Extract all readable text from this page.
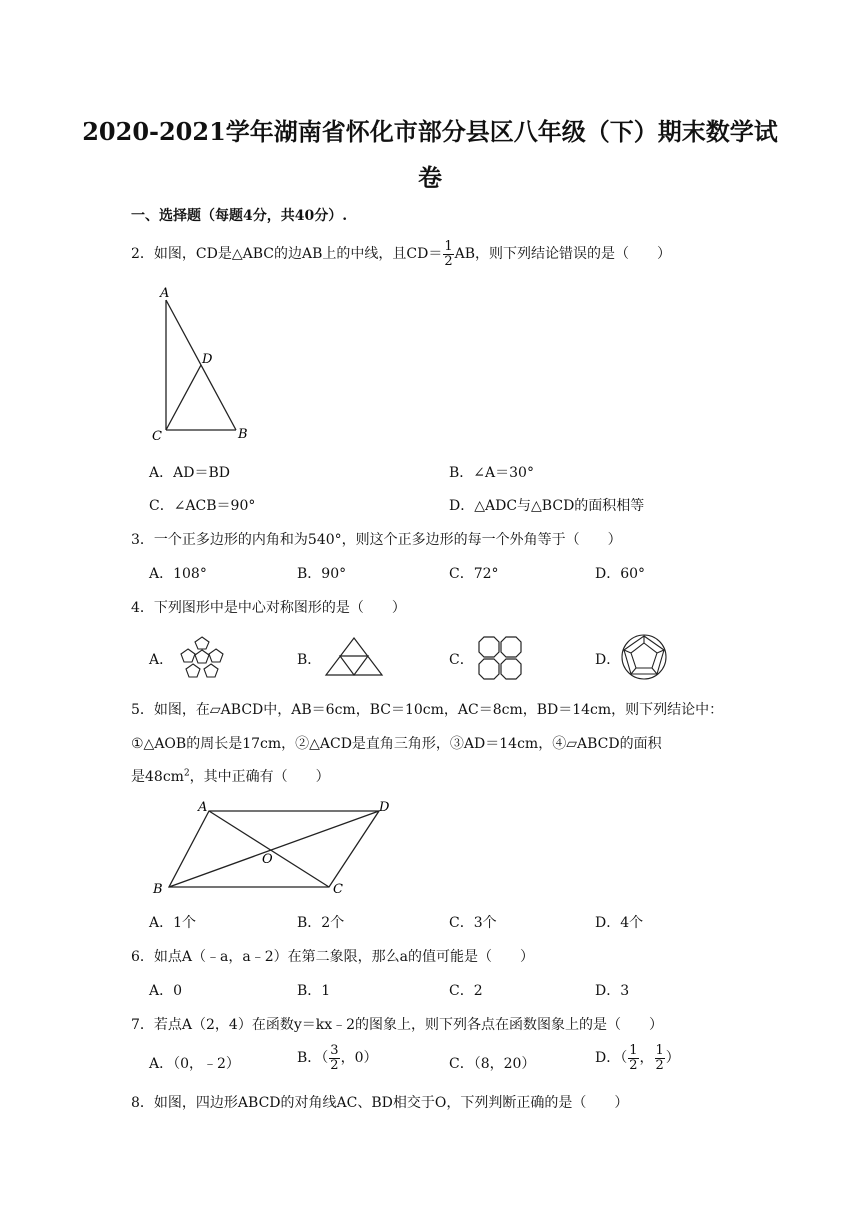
2020-2021学年湖南省怀化市部分县区八年级（下）期末数学试
卷
一、选择题（每题4分，共40分）.
2．如图，CD是△ABC的边AB上的中线，且$CD= \frac{1}{2}$ AB，则下列结论错误的是（　　）
A
D
C	B
A．AD＝BD	B．∠A＝30°
C．∠ACB＝90°	D．△ADC与△BCD的面积相等
3．一个正多边形的内角和为540°，则这个正多边形的每一个外角等于（　　）
A．108°	B．90°	C．72°	D．60°
4．下列图形中是中心对称图形的是（　　）
A．	B．	C．	D．
5．如图，在▱ABCD中，AB＝6cm，BC＝10cm，AC＝8cm，BD＝14cm，则下列结论中：
①△AOB的周长是17cm，②△ACD是直角三角形，③AD＝14cm，④▱ABCD的面积
是$48cm^2$，其中正确有（　　）
A	D
B	C
O
A．1个	B．2个	C．3个	D．4个
6．如点A（﹣a，a﹣2）在第二象限，那么a的值可能是（　　）
A．0	B．1	C．2	D．3
7．若点A（2，4）在函数y＝kx﹣2的图象上，则下列各点在函数图象上的是（　　）
A．（0，﹣2）	B．（ $\frac{3}{2}$ ，0）	C．（8，20）	D．（ $\frac{1}{2}$ ， $\frac{1}{2}$ ）
8．如图，四边形ABCD的对角线AC、BD相交于O，下列判断正确的是（　　）
